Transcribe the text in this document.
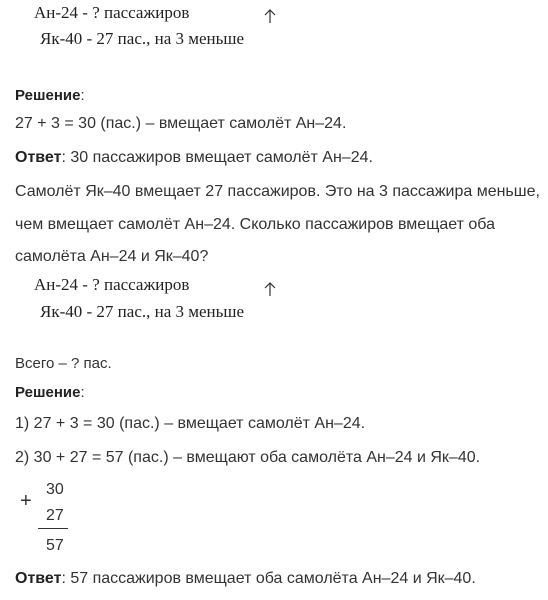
Ан-24 - ? пассажиров
Як-40 - 27 пас., на 3 меньше
Решение:
27 + 3 = 30 (пас.) – вмещает самолёт Ан–24.
Ответ: 30 пассажиров вмещает самолёт Ан–24.
Самолёт Як–40 вмещает 27 пассажиров. Это на 3 пассажира меньше,
чем вмещает самолёт Ан–24. Сколько пассажиров вмещает оба
самолёта Ан–24 и Як–40?
Ан-24 - ? пассажиров
Як-40 - 27 пас., на 3 меньше
Всего – ? пас.
Решение:
1) 27 + 3 = 30 (пас.) – вмещает самолёт Ан–24.
2) 30 + 27 = 57 (пас.) – вмещают оба самолёта Ан–24 и Як–40.
+
30
27
57
Ответ: 57 пассажиров вмещает оба самолёта Ан–24 и Як–40.
